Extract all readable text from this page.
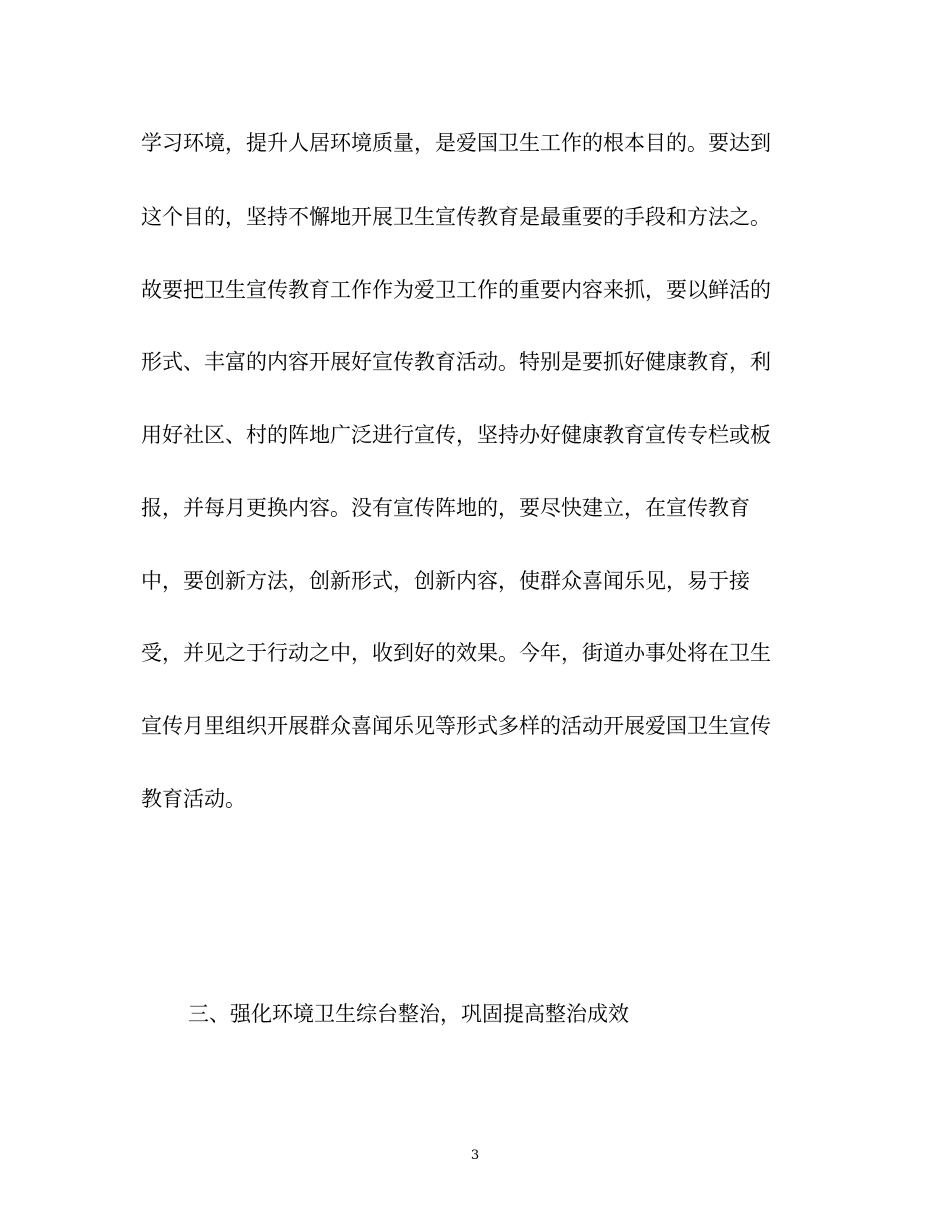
学习环境，提升人居环境质量，是爱国卫生工作的根本目的。要达到
这个目的，坚持不懈地开展卫生宣传教育是最重要的手段和方法之。
故要把卫生宣传教育工作作为爱卫工作的重要内容来抓，要以鲜活的
形式、丰富的内容开展好宣传教育活动。特别是要抓好健康教育，利
用好社区、村的阵地广泛进行宣传，坚持办好健康教育宣传专栏或板
报，并每月更换内容。没有宣传阵地的，要尽快建立，在宣传教育
中，要创新方法，创新形式，创新内容，使群众喜闻乐见，易于接
受，并见之于行动之中，收到好的效果。今年，街道办事处将在卫生
宣传月里组织开展群众喜闻乐见等形式多样的活动开展爱国卫生宣传
教育活动。
三、强化环境卫生综台整治，巩固提高整治成效
3
